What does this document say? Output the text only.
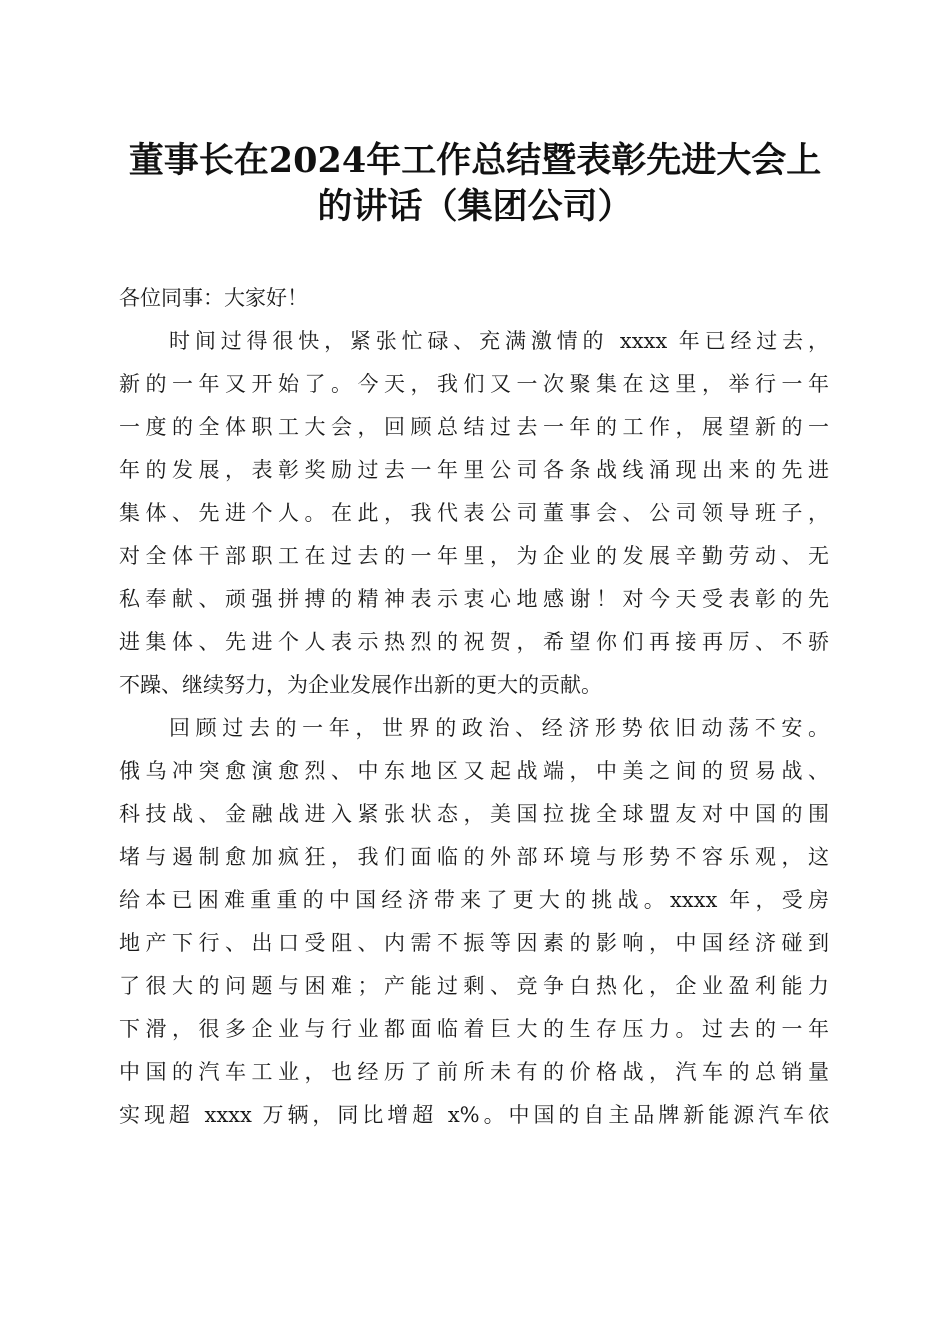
董事长在2024年工作总结暨表彰先进大会上
的讲话（集团公司）
各位同事：大家好！
时间过得很快，紧张忙碌、充满激情的 xxxx 年已经过去，
新的一年又开始了。今天，我们又一次聚集在这里，举行一年
一度的全体职工大会，回顾总结过去一年的工作，展望新的一
年的发展，表彰奖励过去一年里公司各条战线涌现出来的先进
集体、先进个人。在此，我代表公司董事会、公司领导班子，
对全体干部职工在过去的一年里，为企业的发展辛勤劳动、无
私奉献、顽强拼搏的精神表示衷心地感谢！对今天受表彰的先
进集体、先进个人表示热烈的祝贺，希望你们再接再厉、不骄
不躁、继续努力，为企业发展作出新的更大的贡献。
回顾过去的一年，世界的政治、经济形势依旧动荡不安。
俄乌冲突愈演愈烈、中东地区又起战端，中美之间的贸易战、
科技战、金融战进入紧张状态，美国拉拢全球盟友对中国的围
堵与遏制愈加疯狂，我们面临的外部环境与形势不容乐观，这
给本已困难重重的中国经济带来了更大的挑战。xxxx 年，受房
地产下行、出口受阻、内需不振等因素的影响，中国经济碰到
了很大的问题与困难；产能过剩、竞争白热化，企业盈利能力
下滑，很多企业与行业都面临着巨大的生存压力。过去的一年
中国的汽车工业，也经历了前所未有的价格战，汽车的总销量
实现超 xxxx 万辆，同比增超 x%。中国的自主品牌新能源汽车依
